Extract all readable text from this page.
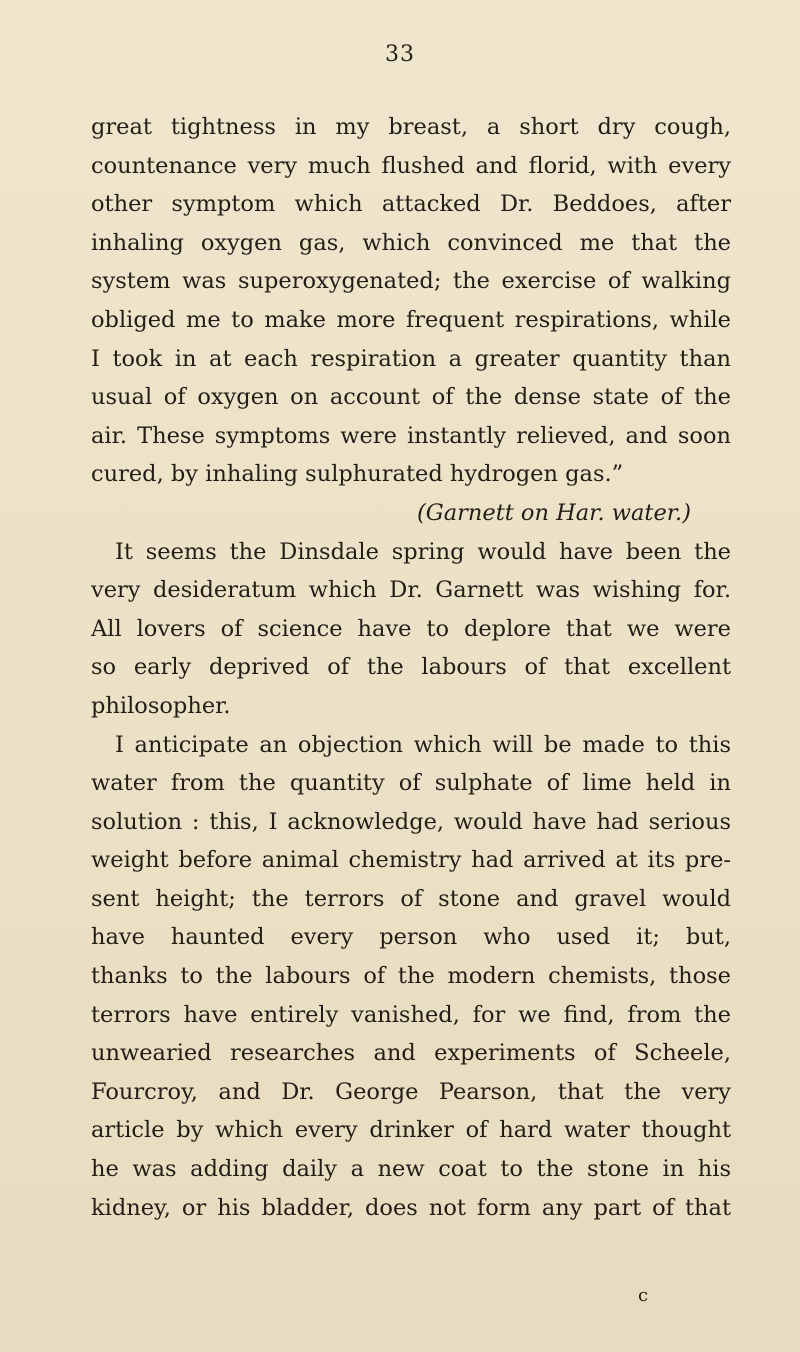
33
great tightness in my breast, a short dry cough,
countenance very much flushed and florid, with every
other symptom which attacked Dr. Beddoes, after
inhaling oxygen gas, which convinced me that the
system was superoxygenated; the exercise of walking
obliged me to make more frequent respirations, while
I took in at each respiration a greater quantity than
usual of oxygen on account of the dense state of the
air. These symptoms were instantly relieved, and soon
cured, by inhaling sulphurated hydrogen gas.”
(Garnett on Har. water.)
It seems the Dinsdale spring would have been the
very desideratum which Dr. Garnett was wishing for.
All lovers of science have to deplore that we were
so early deprived of the labours of that excellent
philosopher.
I anticipate an objection which will be made to this
water from the quantity of sulphate of lime held in
solution : this, I acknowledge, would have had serious
weight before animal chemistry had arrived at its pre-
sent height; the terrors of stone and gravel would
have haunted every person who used it; but,
thanks to the labours of the modern chemists, those
terrors have entirely vanished, for we find, from the
unwearied researches and experiments of Scheele,
Fourcroy, and Dr. George Pearson, that the very
article by which every drinker of hard water thought
he was adding daily a new coat to the stone in his
kidney, or his bladder, does not form any part of that
c
